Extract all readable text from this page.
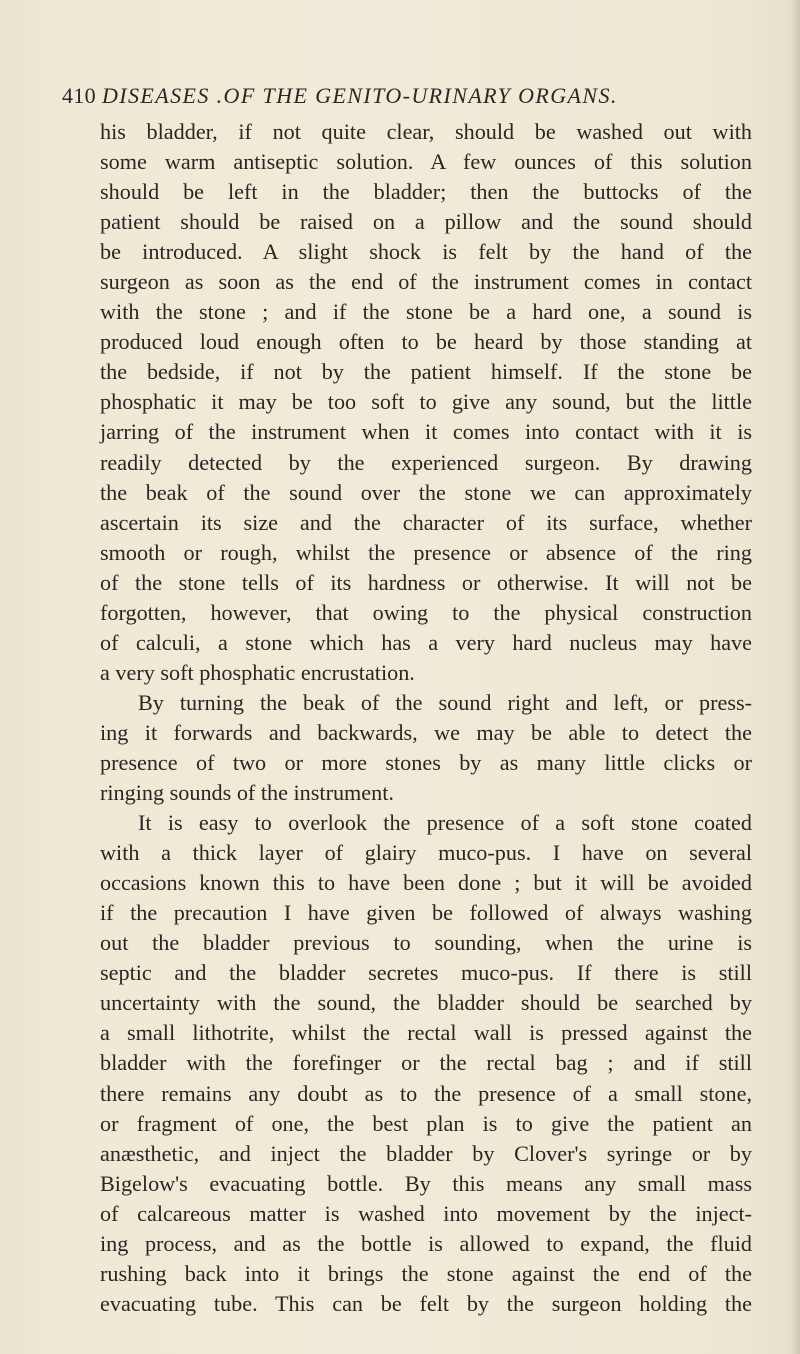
410 DISEASES .OF THE GENITO-URINARY ORGANS.
his bladder, if not quite clear, should be washed out with
some warm antiseptic solution. A few ounces of this solution
should be left in the bladder; then the buttocks of the
patient should be raised on a pillow and the sound should
be introduced. A slight shock is felt by the hand of the
surgeon as soon as the end of the instrument comes in contact
with the stone ; and if the stone be a hard one, a sound is
produced loud enough often to be heard by those standing at
the bedside, if not by the patient himself. If the stone be
phosphatic it may be too soft to give any sound, but the little
jarring of the instrument when it comes into contact with it is
readily detected by the experienced surgeon. By drawing
the beak of the sound over the stone we can approximately
ascertain its size and the character of its surface, whether
smooth or rough, whilst the presence or absence of the ring
of the stone tells of its hardness or otherwise. It will not be
forgotten, however, that owing to the physical construction
of calculi, a stone which has a very hard nucleus may have
a very soft phosphatic encrustation.
By turning the beak of the sound right and left, or press-
ing it forwards and backwards, we may be able to detect the
presence of two or more stones by as many little clicks or
ringing sounds of the instrument.
It is easy to overlook the presence of a soft stone coated
with a thick layer of glairy muco-pus. I have on several
occasions known this to have been done ; but it will be avoided
if the precaution I have given be followed of always washing
out the bladder previous to sounding, when the urine is
septic and the bladder secretes muco-pus. If there is still
uncertainty with the sound, the bladder should be searched by
a small lithotrite, whilst the rectal wall is pressed against the
bladder with the forefinger or the rectal bag ; and if still
there remains any doubt as to the presence of a small stone,
or fragment of one, the best plan is to give the patient an
anæsthetic, and inject the bladder by Clover's syringe or by
Bigelow's evacuating bottle. By this means any small mass
of calcareous matter is washed into movement by the inject-
ing process, and as the bottle is allowed to expand, the fluid
rushing back into it brings the stone against the end of the
evacuating tube. This can be felt by the surgeon holding the
